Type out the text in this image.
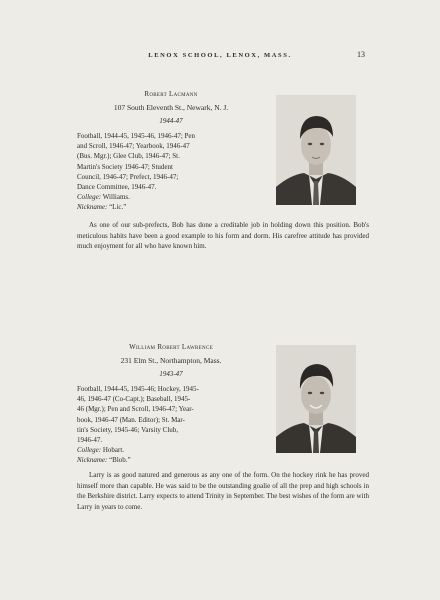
LENOX SCHOOL, LENOX, MASS.	13
Robert Lacmann
107 South Eleventh St., Newark, N. J.
1944-47
Football, 1944-45, 1945-46, 1946-47; Pen
and Scroll, 1946-47; Yearbook, 1946-47
(Bus. Mgr.); Glee Club, 1946-47; St.
Martin's Society 1946-47; Student
Council, 1946-47; Prefect, 1946-47;
Dance Committee, 1946-47.
College: Williams.
Nickname: “Lic.”
As one of our sub-prefects, Bob has done a creditable job in holding down this position. Bob's meticulous habits have been a good example to his form and dorm. His carefree attitude has provided much enjoyment for all who have known him.
William Robert Lawrence
231 Elm St., Northampton, Mass.
1943-47
Football, 1944-45, 1945-46; Hockey, 1945-
46, 1946-47 (Co-Capt.); Baseball, 1945-
46 (Mgr.); Pen and Scroll, 1946-47; Year-
book, 1946-47 (Man. Editor); St. Mar-
tin's Society, 1945-46; Varsity Club,
1946-47.
College: Hobart.
Nickname: “Blob.”
Larry is as good natured and generous as any one of the form. On the hockey rink he has proved himself more than capable. He was said to be the outstanding goalie of all the prep and high schools in the Berkshire district. Larry expects to attend Trinity in September. The best wishes of the form are with Larry in years to come.
